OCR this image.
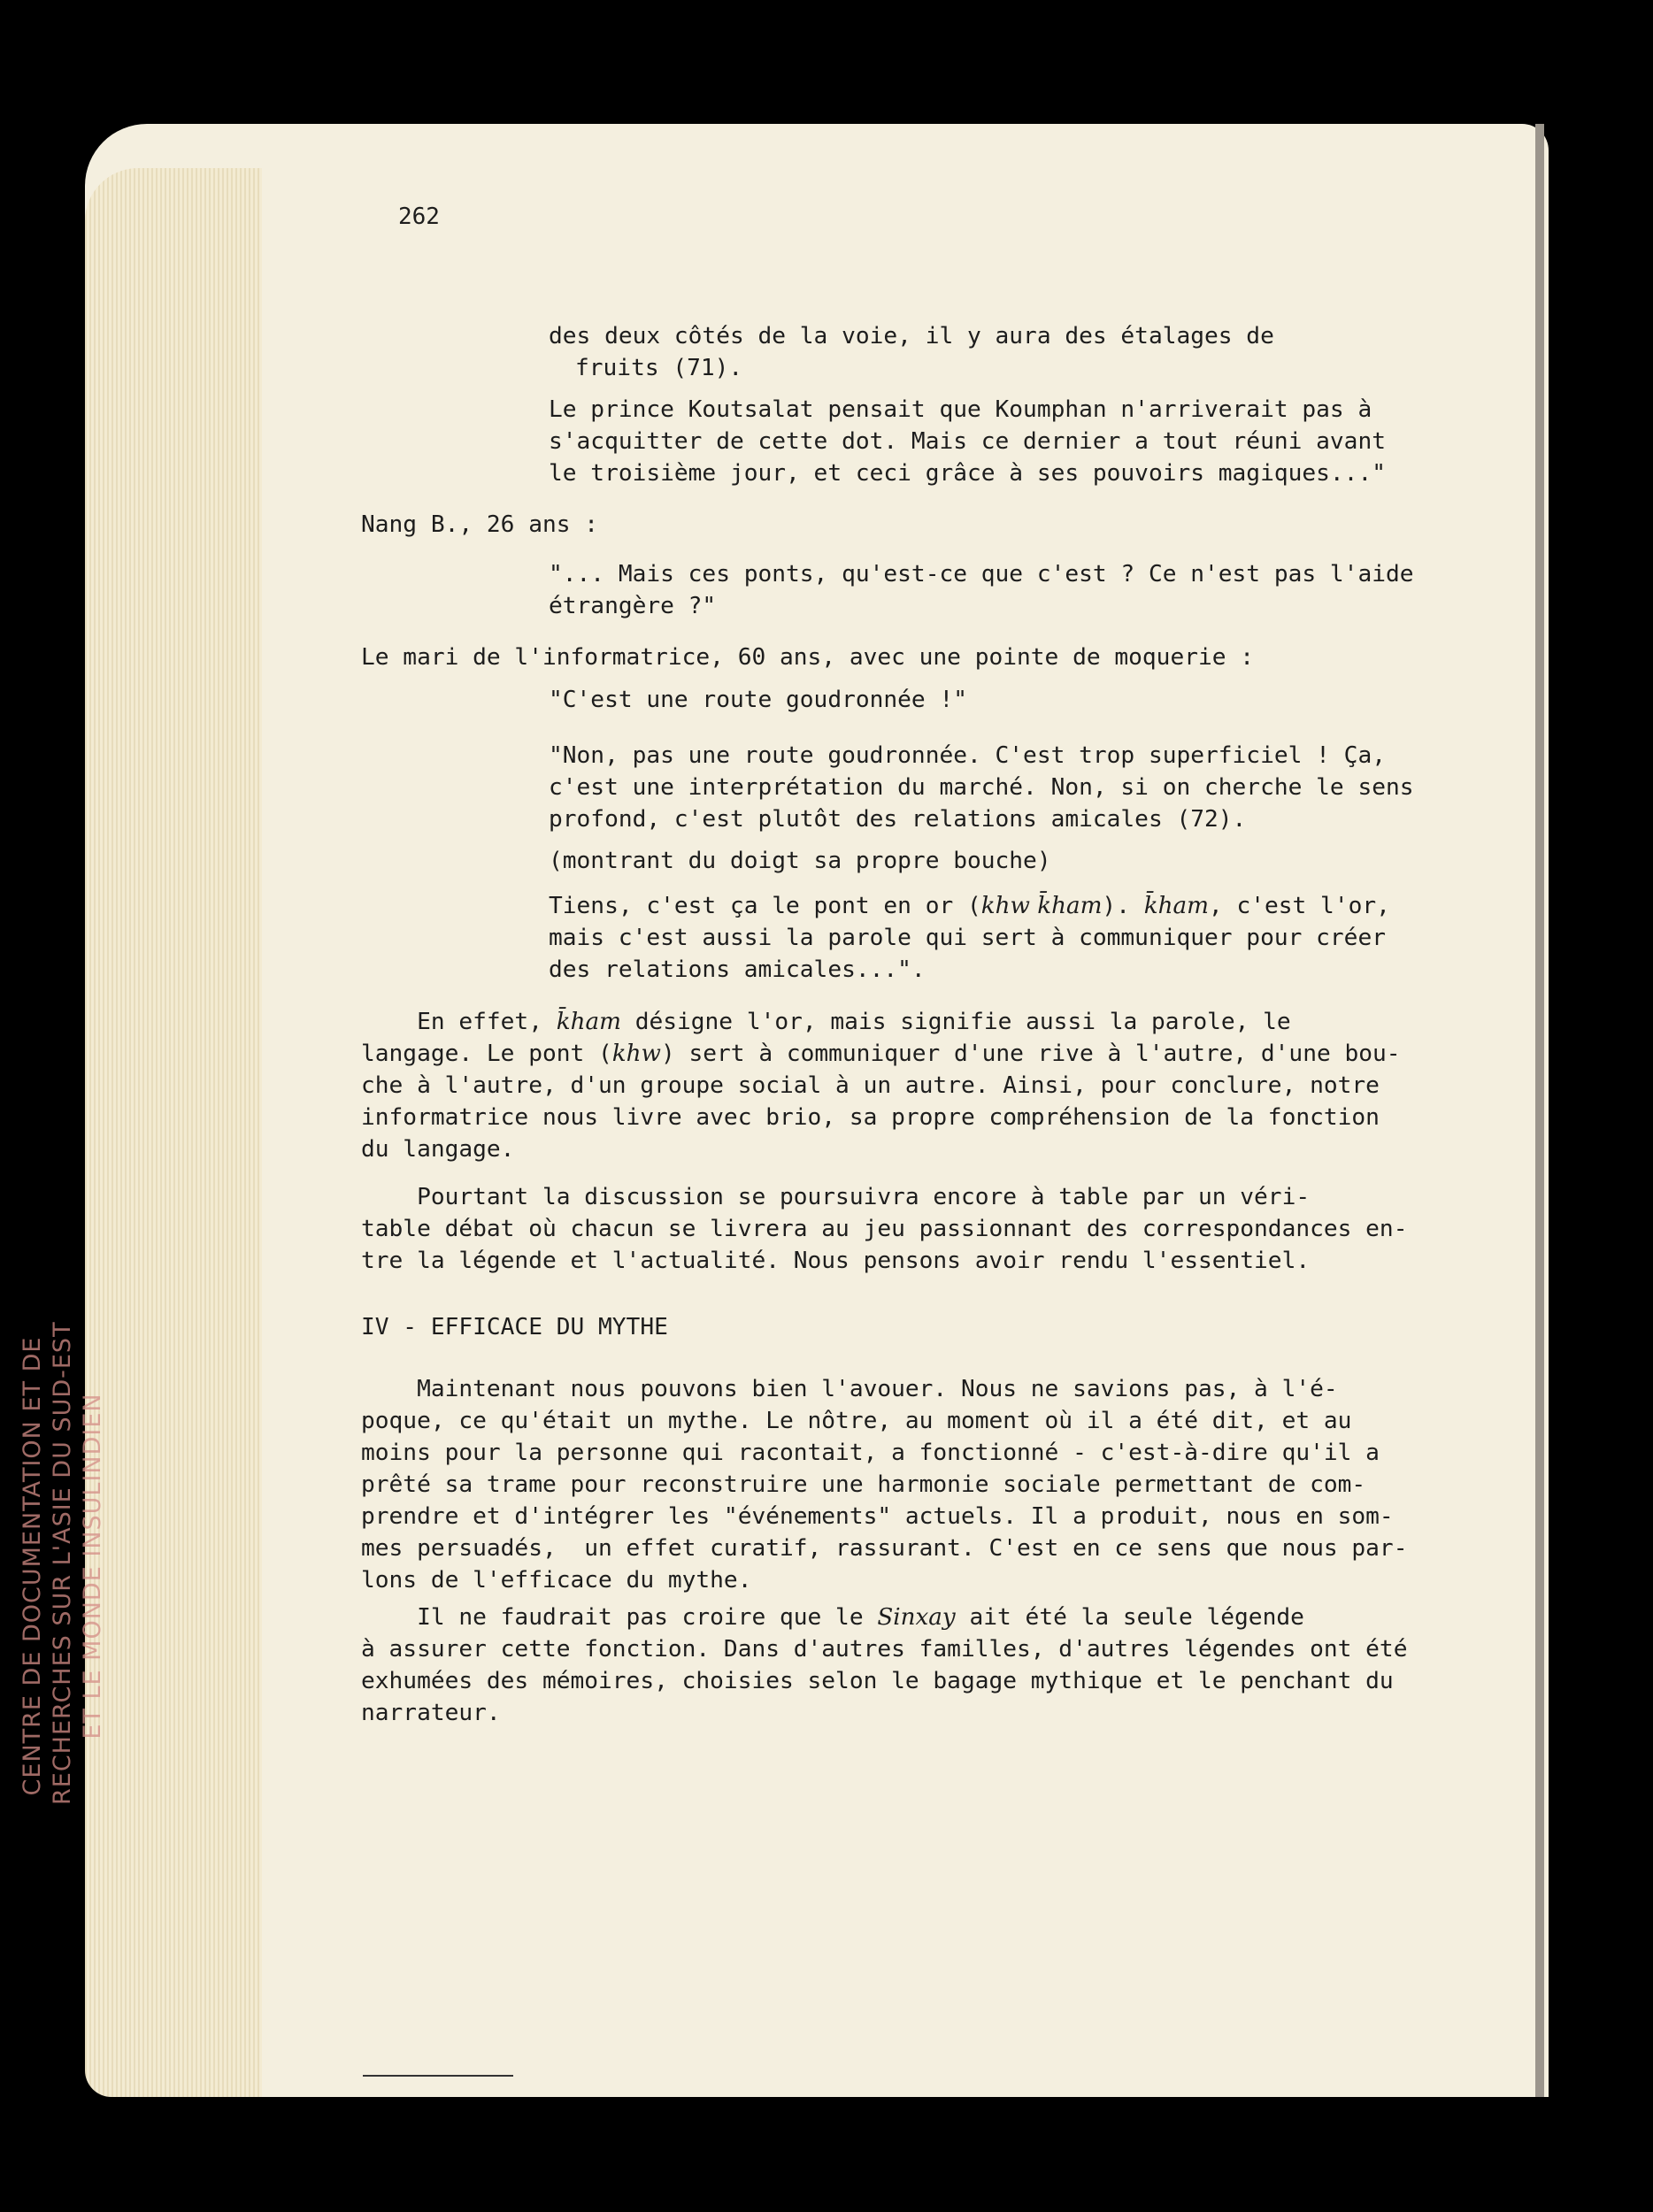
CENTRE DE DOCUMENTATION ET DE RECHERCHES SUR L'ASIE DU SUD-EST ET LE MONDE INSULINDIEN
262
des deux côtés de la voie, il y aura des étalages de
fruits (71).
Le prince Koutsalat pensait que Koumphan n'arriverait pas à
s'acquitter de cette dot. Mais ce dernier a tout réuni avant
le troisième jour, et ceci grâce à ses pouvoirs magiques..."
Nang B., 26 ans :
"... Mais ces ponts, qu'est-ce que c'est ? Ce n'est pas l'aide
étrangère ?"
Le mari de l'informatrice, 60 ans, avec une pointe de moquerie :
"C'est une route goudronnée !"
"Non, pas une route goudronnée. C'est trop superficiel ! Ça,
c'est une interprétation du marché. Non, si on cherche le sens
profond, c'est plutôt des relations amicales (72).
(montrant du doigt sa propre bouche)
Tiens, c'est ça le pont en or (khw k̄ham). k̄ham, c'est l'or,
mais c'est aussi la parole qui sert à communiquer pour créer
des relations amicales...".
En effet, k̄ham désigne l'or, mais signifie aussi la parole, le
langage. Le pont (khw) sert à communiquer d'une rive à l'autre, d'une bou-
che à l'autre, d'un groupe social à un autre. Ainsi, pour conclure, notre
informatrice nous livre avec brio, sa propre compréhension de la fonction
du langage.
Pourtant la discussion se poursuivra encore à table par un véri-
table débat où chacun se livrera au jeu passionnant des correspondances en-
tre la légende et l'actualité. Nous pensons avoir rendu l'essentiel.
IV - EFFICACE DU MYTHE
Maintenant nous pouvons bien l'avouer. Nous ne savions pas, à l'é-
poque, ce qu'était un mythe. Le nôtre, au moment où il a été dit, et au
moins pour la personne qui racontait, a fonctionné - c'est-à-dire qu'il a
prêté sa trame pour reconstruire une harmonie sociale permettant de com-
prendre et d'intégrer les "événements" actuels. Il a produit, nous en som-
mes persuadés,  un effet curatif, rassurant. C'est en ce sens que nous par-
lons de l'efficace du mythe.
Il ne faudrait pas croire que le Sinxay ait été la seule légende
à assurer cette fonction. Dans d'autres familles, d'autres légendes ont été
exhumées des mémoires, choisies selon le bagage mythique et le penchant du
narrateur.
